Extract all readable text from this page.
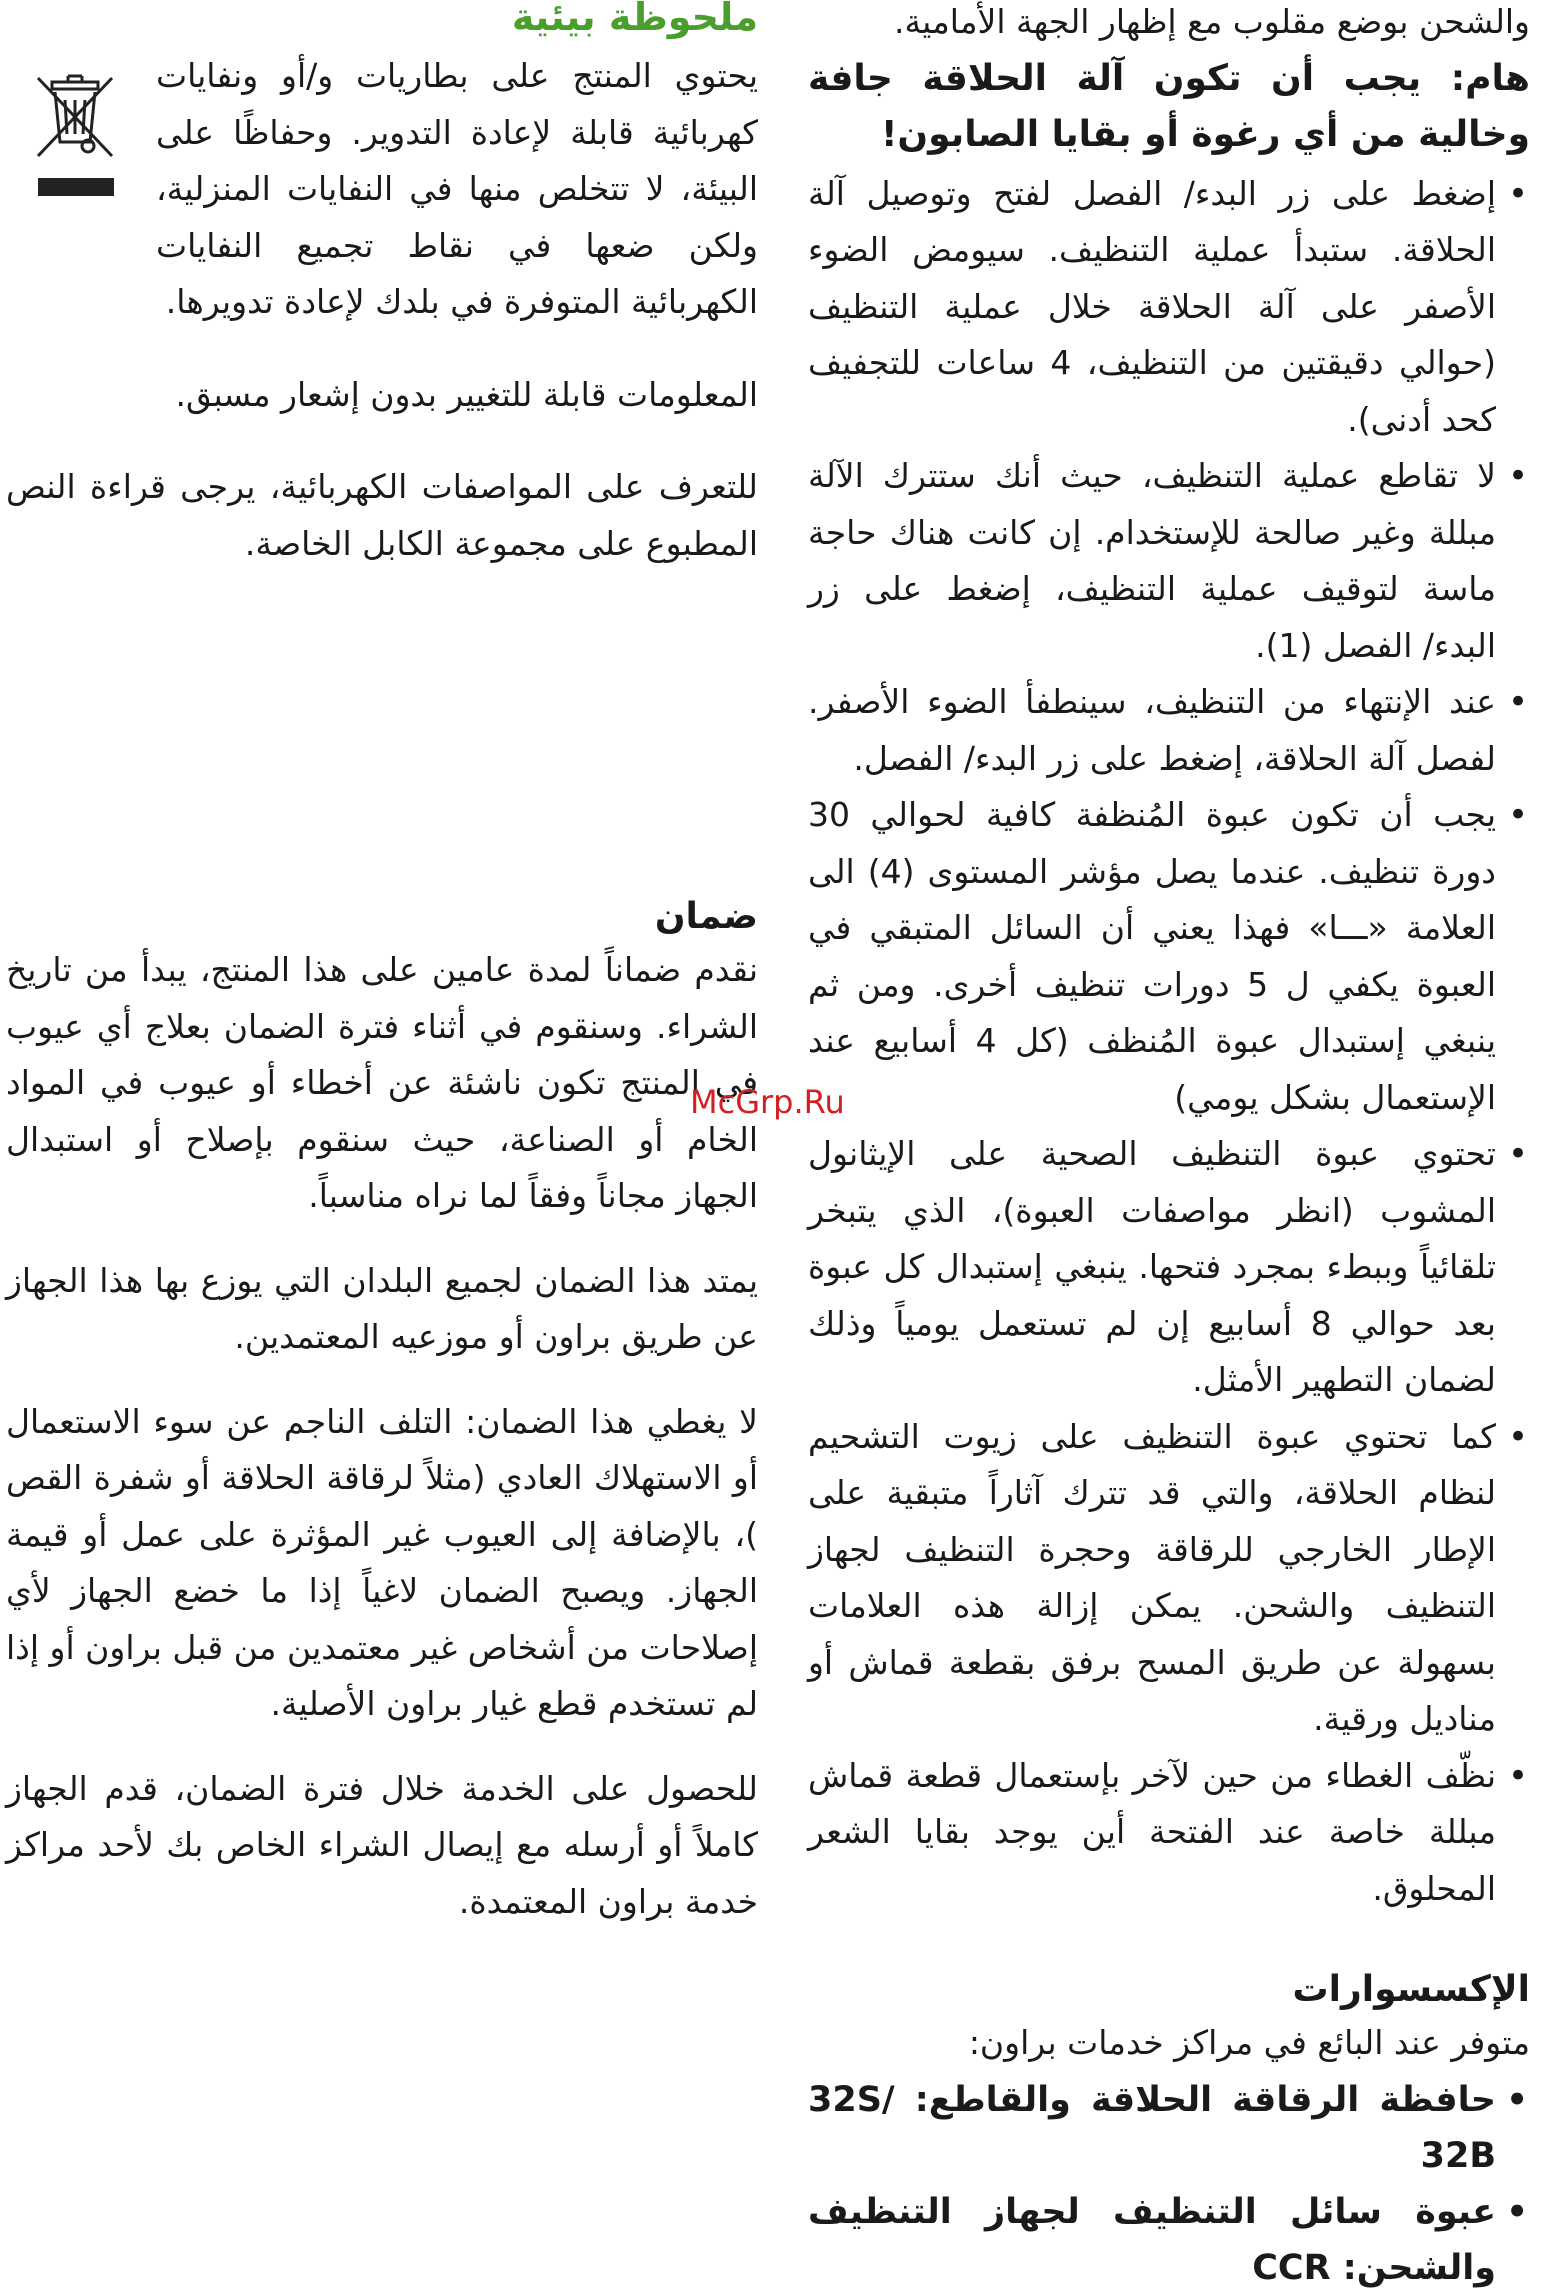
والشحن بوضع مقلوب مع إظهار الجهة الأمامية.

هام: يجب أن تكون آلة الحلاقة جافة وخالية من أي رغوة أو بقايا الصابون!

• إضغط على زر البدء/ الفصل لفتح وتوصيل آلة الحلاقة. ستبدأ عملية التنظيف. سيومض الضوء الأصفر على آلة الحلاقة خلال عملية التنظيف (حوالي دقيقتين من التنظيف، 4 ساعات للتجفيف كحد أدنى).
• لا تقاطع عملية التنظيف، حيث أنك ستترك الآلة مبللة وغير صالحة للإستخدام. إن كانت هناك حاجة ماسة لتوقيف عملية التنظيف، إضغط على زر البدء/ الفصل (1).
• عند الإنتهاء من التنظيف، سينطفأ الضوء الأصفر. لفصل آلة الحلاقة، إضغط على زر البدء/ الفصل.
• يجب أن تكون عبوة المُنظفة كافية لحوالي 30 دورة تنظيف. عندما يصل مؤشر المستوى (4) الى العلامة «ـــا» فهذا يعني أن السائل المتبقي في العبوة يكفي ل 5 دورات تنظيف أخرى. ومن ثم ينبغي إستبدال عبوة المُنظف (كل 4 أسابيع عند الإستعمال بشكل يومي)
• تحتوي عبوة التنظيف الصحية على الإيثانول المشوب (انظر مواصفات العبوة)، الذي يتبخر تلقائياً وببطء بمجرد فتحها. ينبغي إستبدال كل عبوة بعد حوالي 8 أسابيع إن لم تستعمل يومياً وذلك لضمان التطهير الأمثل.
• كما تحتوي عبوة التنظيف على زيوت التشحيم لنظام الحلاقة، والتي قد تترك آثاراً متبقية على الإطار الخارجي للرقاقة وحجرة التنظيف لجهاز التنظيف والشحن. يمكن إزالة هذه العلامات بسهولة عن طريق المسح برفق بقطعة قماش أو مناديل ورقية.
• نظّف الغطاء من حين لآخر بإستعمال قطعة قماش مبللة خاصة عند الفتحة أين يوجد بقايا الشعر المحلوق.
الإكسسوارات

متوفر عند البائع في مراكز خدمات براون:

• حافظة الرقاقة الحلاقة والقاطع: 32S/ 32B
• عبوة سائل التنظيف لجهاز التنظيف والشحن: CCR
ملحوظة بيئية

يحتوي المنتج على بطاريات و/أو ونفايات كهربائية قابلة لإعادة التدوير. وحفاظًا على البيئة، لا تتخلص منها في النفايات المنزلية، ولكن ضعها في نقاط تجميع النفايات الكهربائية المتوفرة في بلدك لإعادة تدويرها.

المعلومات قابلة للتغيير بدون إشعار مسبق.

للتعرف على المواصفات الكهربائية، يرجى قراءة النص المطبوع على مجموعة الكابل الخاصة.

ضمان

نقدم ضماناً لمدة عامين على هذا المنتج، يبدأ من تاريخ الشراء. وسنقوم في أثناء فترة الضمان بعلاج أي عيوب في المنتج تكون ناشئة عن أخطاء أو عيوب في المواد الخام أو الصناعة، حيث سنقوم بإصلاح أو استبدال الجهاز مجاناً وفقاً لما نراه مناسباً.

يمتد هذا الضمان لجميع البلدان التي يوزع بها هذا الجهاز عن طريق براون أو موزعيه المعتمدين.

لا يغطي هذا الضمان: التلف الناجم عن سوء الاستعمال أو الاستهلاك العادي (مثلاً لرقاقة الحلاقة أو شفرة القص )، بالإضافة إلى العيوب غير المؤثرة على عمل أو قيمة الجهاز. ويصبح الضمان لاغياً إذا ما خضع الجهاز لأي إصلاحات من أشخاص غير معتمدين من قبل براون أو إذا لم تستخدم قطع غيار براون الأصلية.

للحصول على الخدمة خلال فترة الضمان، قدم الجهاز كاملاً أو أرسله مع إيصال الشراء الخاص بك لأحد مراكز خدمة براون المعتمدة.

McGrp.Ru
